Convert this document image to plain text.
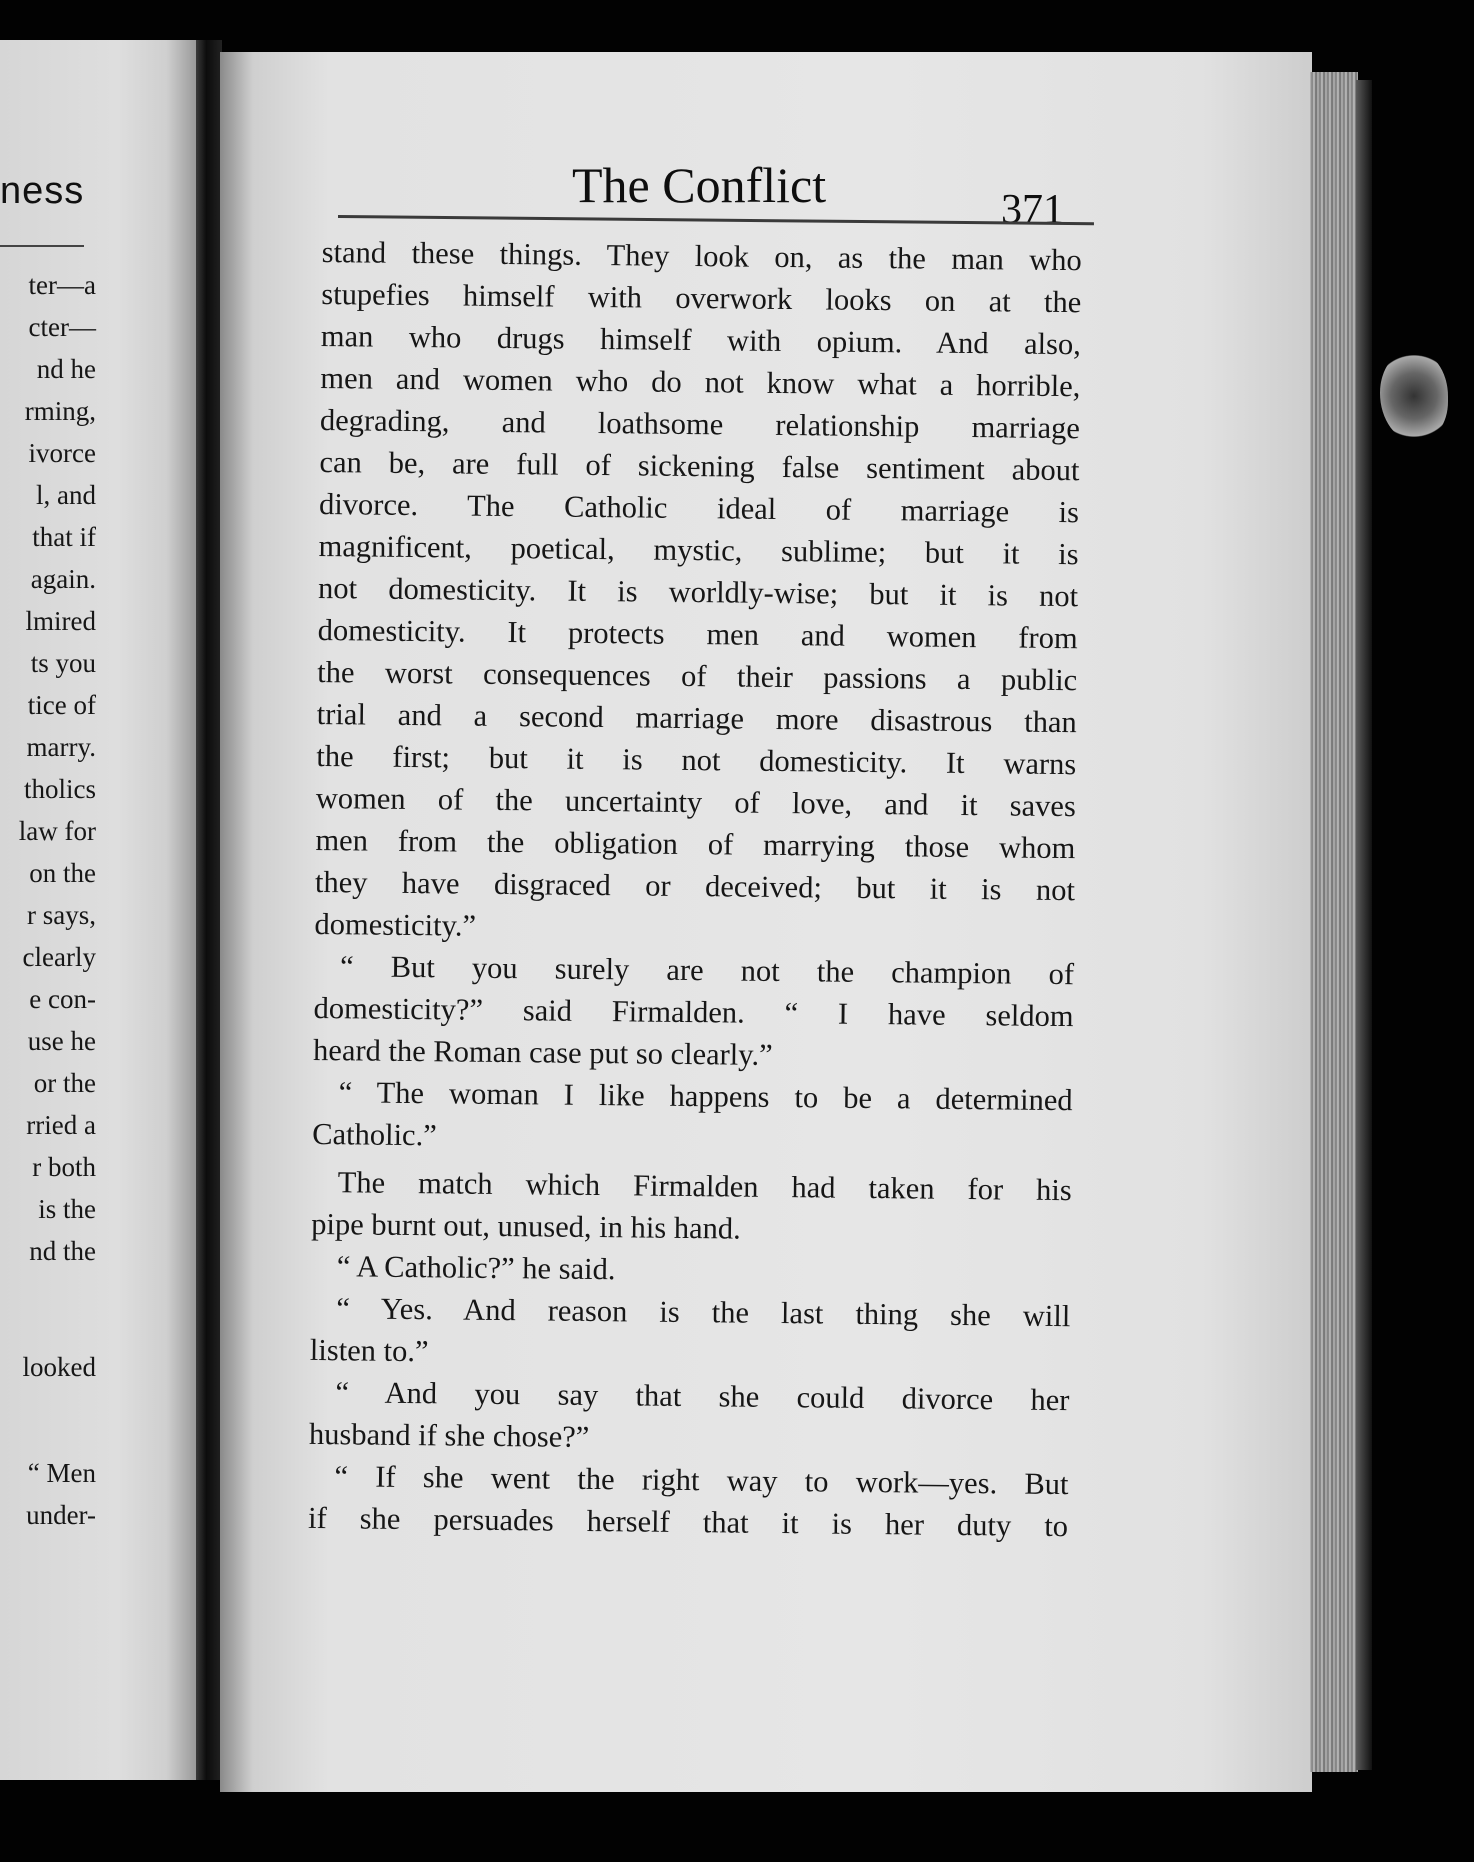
ness
ter—a
cter—
nd he
rming,
ivorce
l, and
that if
again.
lmired
ts you
tice of
marry.
tholics
law for
on the
r says,
clearly
e con-
use he
or the
rried a
r both
is the
nd the
looked
“ Men
under-
The Conflict	371
stand these things. They look on, as the man who
stupefies himself with overwork looks on at the
man who drugs himself with opium. And also,
men and women who do not know what a horrible,
degrading, and loathsome relationship marriage
can be, are full of sickening false sentiment about
divorce. The Catholic ideal of marriage is
magnificent, poetical, mystic, sublime; but it is
not domesticity. It is worldly-wise; but it is not
domesticity. It protects men and women from
the worst consequences of their passions a public
trial and a second marriage more disastrous than
the first; but it is not domesticity. It warns
women of the uncertainty of love, and it saves
men from the obligation of marrying those whom
they have disgraced or deceived; but it is not
domesticity.”
“ But you surely are not the champion of
domesticity?” said Firmalden. “ I have seldom
heard the Roman case put so clearly.”
“ The woman I like happens to be a determined
Catholic.”
The match which Firmalden had taken for his
pipe burnt out, unused, in his hand.
“ A Catholic?” he said.
“ Yes. And reason is the last thing she will
listen to.”
“ And you say that she could divorce her
husband if she chose?”
“ If she went the right way to work—yes. But
if she persuades herself that it is her duty to
